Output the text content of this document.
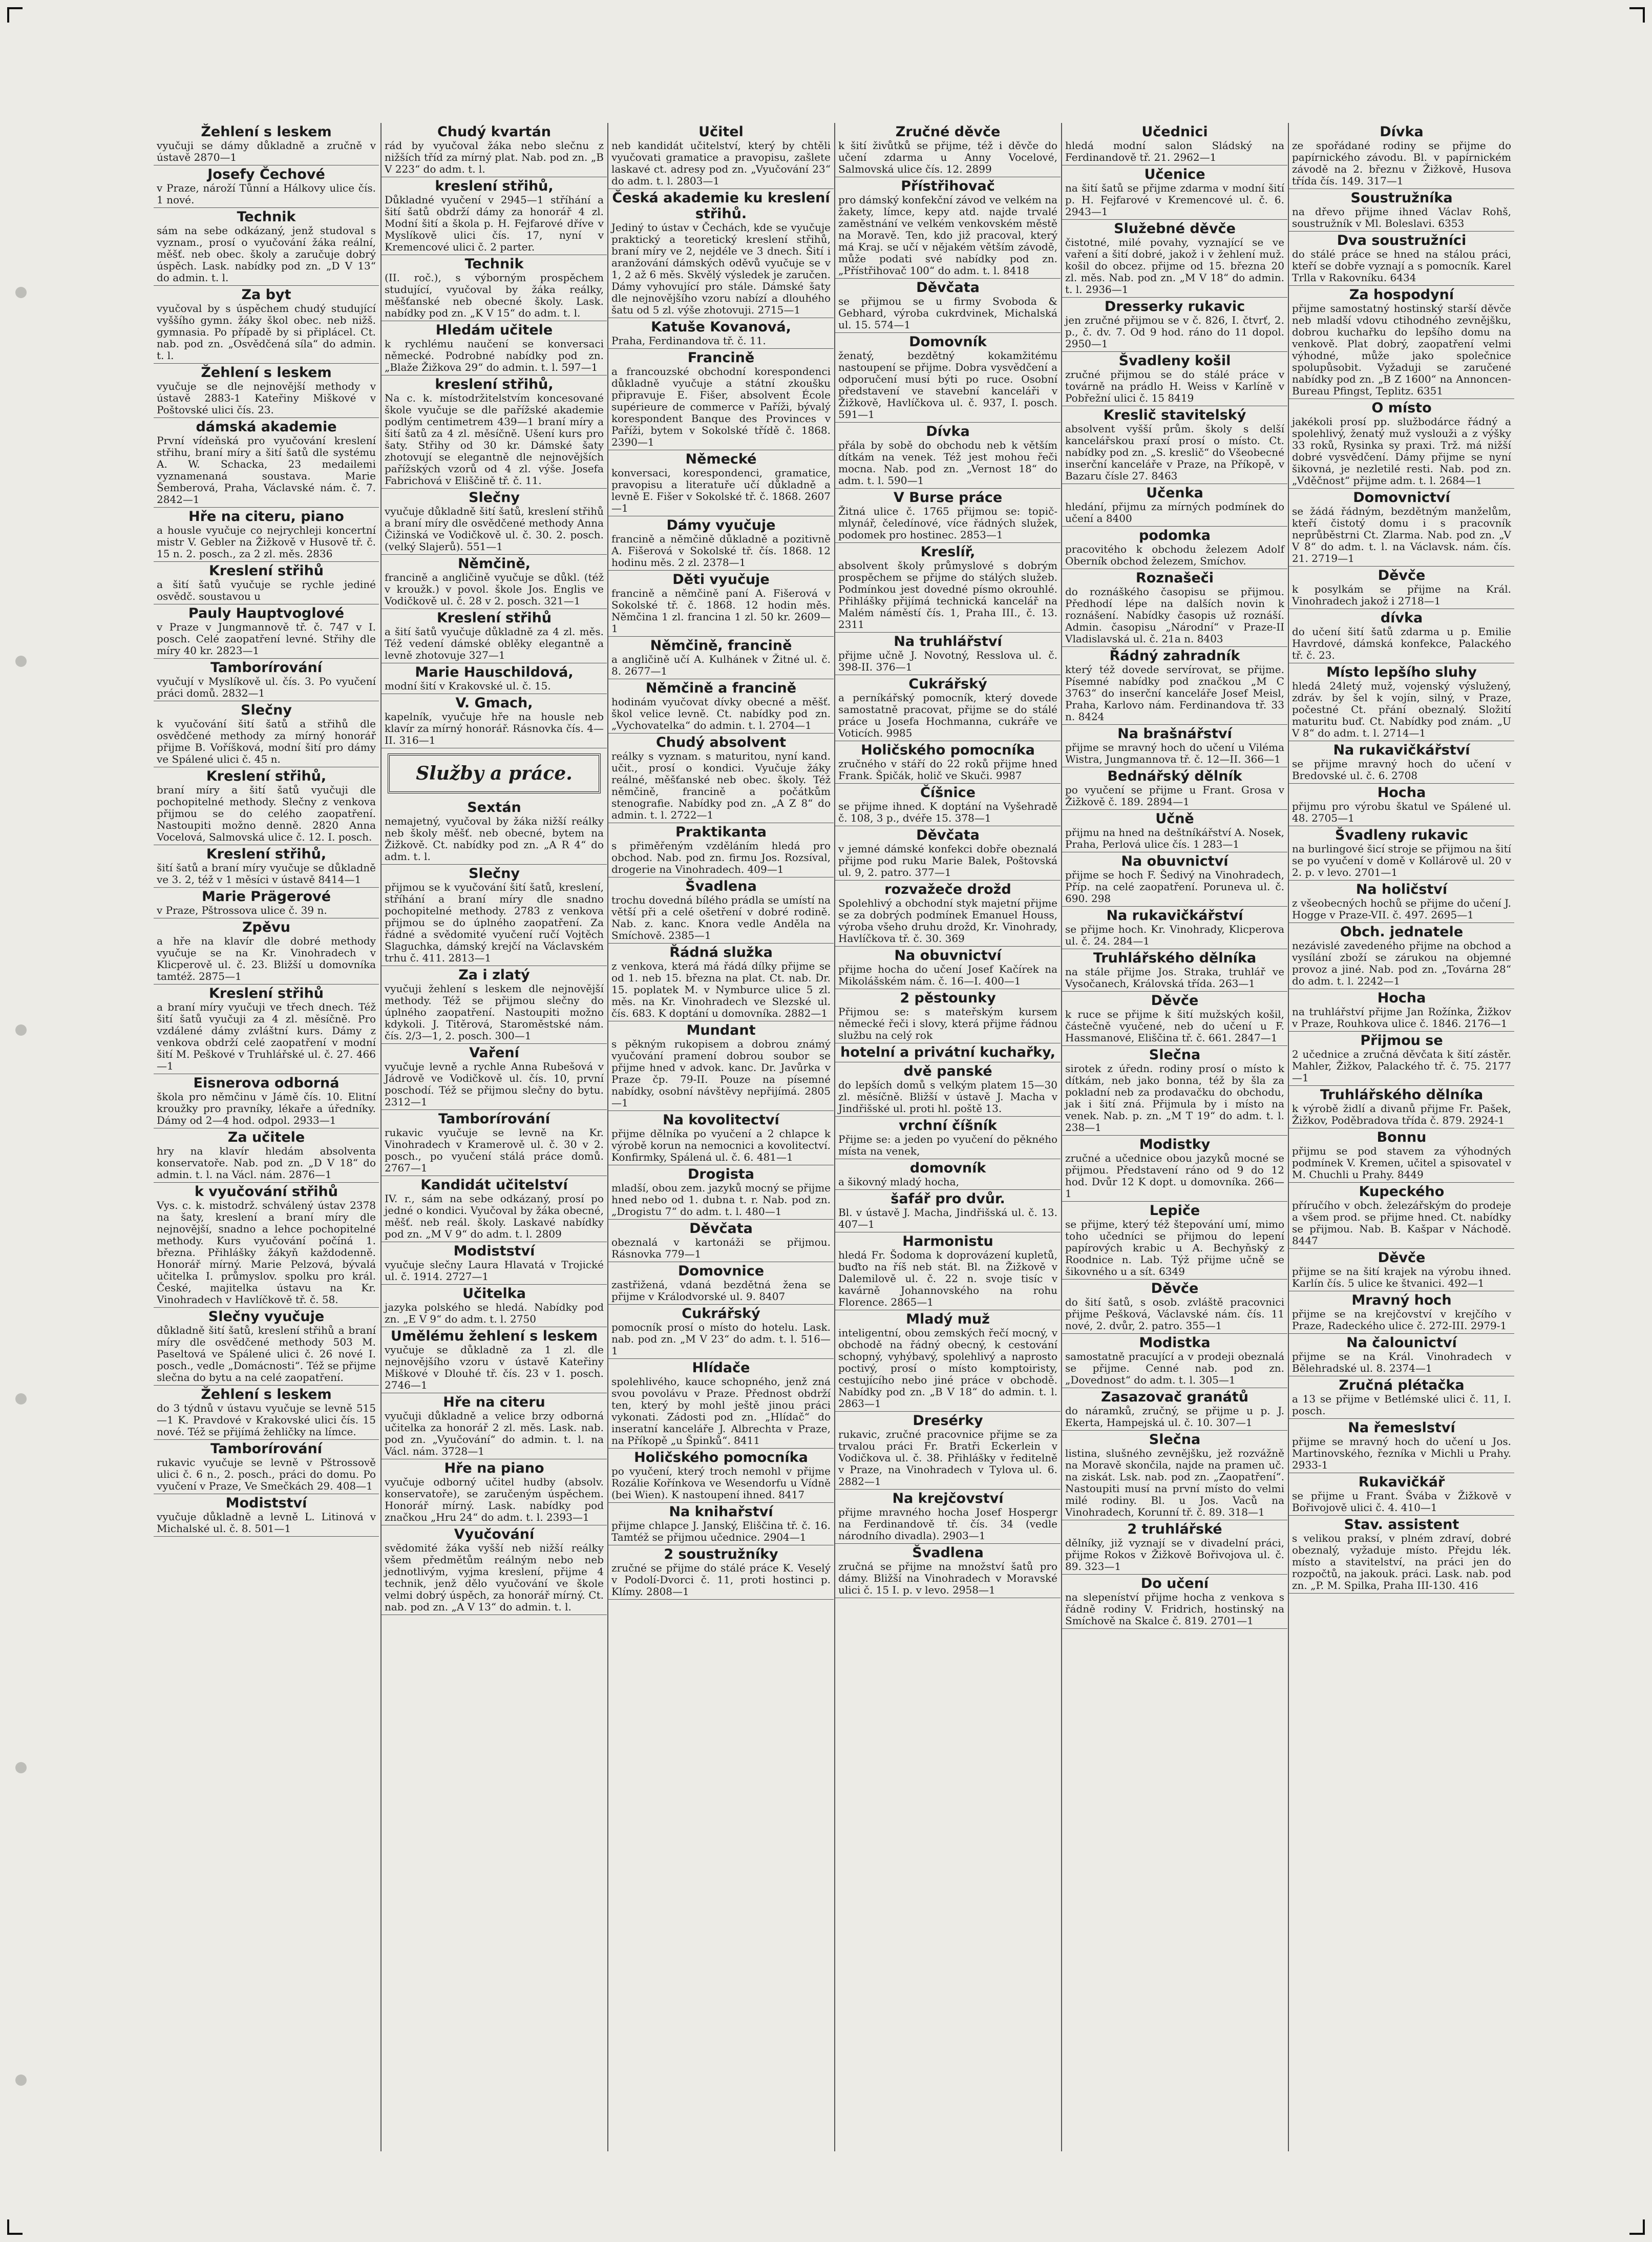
Žehlení s leskem
vyučuji se dámy důkladně a zručně v ústavě 2870—1
Josefy Čechové
v Praze, nároží Tůnní a Hálkovy ulice čís. 1 nové.
Technik
sám na sebe odkázaný, jenž studoval s vyznam., prosí o vyučování žáka reální, měšť. neb obec. školy a zaručuje dobrý úspěch. Lask. nabídky pod zn. „D V 13“ do admin. t. l.
Za byt
vyučoval by s úspěchem chudý studující vyššího gymn. žáky škol obec. neb nižš. gymnasia. Po případě by si připlácel. Ct. nab. pod zn. „Osvědčená síla“ do admin. t. l.
Žehlení s leskem
vyučuje se dle nejnovější methody v ústavě 2883-1 Kateřiny Miškové v Poštovské ulici čís. 23.
dámská akademie
První vídeňská pro vyučování kreslení střihu, braní míry a šití šatů dle systému A. W. Schacka, 23 medailemi vyznamenaná soustava. Marie Šemberová, Praha, Václavské nám. č. 7. 2842—1
Hře na citeru, piano
a housle vyučuje co nejrychleji koncertní mistr V. Gebler na Žižkově v Husově tř. č. 15 n. 2. posch., za 2 zl. měs. 2836
Kreslení střihů
a šití šatů vyučuje se rychle jediné osvědč. soustavou u
Pauly Hauptvoglové
v Praze v Jungmannově tř. č. 747 v I. posch. Celé zaopatření levné. Střihy dle míry 40 kr. 2823—1
Tamborírování
vyučují v Myslíkově ul. čís. 3. Po vyučení práci domů. 2832—1
Slečny
k vyučování šití šatů a střihů dle osvědčené methody za mírný honorář přijme B. Voříšková, modní šití pro dámy ve Spálené ulici č. 45 n.
Kreslení střihů,
braní míry a šití šatů vyučuji dle pochopitelné methody. Slečny z venkova přijmou se do celého zaopatření. Nastoupiti možno denně. 2820 Anna Vocelová, Salmovská ulice č. 12. I. posch.
Kreslení střihů,
šití šatů a braní míry vyučuje se důkladně ve 3. 2, též v 1 měsíci v ústavě 8414—1
Marie Prägerové
v Praze, Pštrossova ulice č. 39 n.
Zpěvu
a hře na klavír dle dobré methody vyučuje se na Kr. Vinohradech v Klicperově ul. č. 23. Bližší u domovníka tamtéž. 2875—1
Kreslení střihů
a braní míry vyučuji ve třech dnech. Též šití šatů vyučuji za 4 zl. měsíčně. Pro vzdálené dámy zvláštní kurs. Dámy z venkova obdrží celé zaopatření v modní šití M. Peškové v Truhlářské ul. č. 27. 466—1
Eisnerova odborná
škola pro němčinu v Jámě čís. 10. Elitní kroužky pro pravníky, lékaře a úředníky. Dámy od 2—4 hod. odpol. 2933—1
Za učitele
hry na klavír hledám absolventa konservatoře. Nab. pod zn. „D V 18“ do admin. t. l. na Václ. nám. 2876—1
k vyučování střihů
Vys. c. k. mistodrž. schválený ústav 2378 na šaty, kreslení a braní míry dle nejnovější, snadno a lehce pochopitelné methody. Kurs vyučování počíná 1. března. Přihlášky žákyň každodenně. Honorář mírný. Marie Pelzová, bývalá učitelka I. průmyslov. spolku pro král. České, majitelka ústavu na Kr. Vinohradech v Havlíčkově tř. č. 58.
Slečny vyučuje
důkladně šití šatů, kreslení střihů a braní míry dle osvědčené methody 503 M. Paseltová ve Spálené ulici č. 26 nové I. posch., vedle „Domácnosti“. Též se přijme slečna do bytu a na celé zaopatření.
Žehlení s leskem
do 3 týdnů v ústavu vyučuje se levně 515—1 K. Pravdové v Krakovské ulici čís. 15 nové. Též se přijímá žehličky na límce.
Tamborírování
rukavic vyučuje se levně v Pštrossově ulici č. 6 n., 2. posch., práci do domu. Po vyučení v Praze, Ve Smečkách 29. 408—1
Modistství
vyučuje důkladně a levně L. Litinová v Michalské ul. č. 8. 501—1
Chudý kvartán
rád by vyučoval žáka nebo slečnu z nižších tříd za mírný plat. Nab. pod zn. „B V 223“ do adm. t. l.
kreslení střihů,
Důkladné vyučení v 2945—1 stříhání a šití šatů obdrží dámy za honorář 4 zl. Modní šití a škola p. H. Fejfarové dříve v Myslíkově ulici čís. 17, nyní v Kremencové ulici č. 2 parter.
Technik
(II. roč.), s výborným prospěchem studující, vyučoval by žáka reálky, měšťanské neb obecné školy. Lask. nabídky pod zn. „K V 15“ do adm. t. l.
Hledám učitele
k rychlému naučení se konversaci německé. Podrobné nabídky pod zn. „Blaže Žižkova 29“ do admin. t. l. 597—1
kreslení střihů,
Na c. k. místodržitelstvím koncesované škole vyučuje se dle pařížské akademie podlým centimetrem 439—1 braní míry a šití šatů za 4 zl. měsíčně. Ušení kurs pro šaty. Střihy od 30 kr. Dámské šaty zhotovují se elegantně dle nejnovějších pařížských vzorů od 4 zl. výše. Josefa Fabrichová v Eliščině tř. č. 11.
Slečny
vyučuje důkladně šití šatů, kreslení střihů a braní míry dle osvědčené methody Anna Čižinská ve Vodičkově ul. č. 30. 2. posch. (velký Slajerů). 551—1
Němčině,
francině a angličině vyučuje se důkl. (též v kroužk.) v povol. škole Jos. Englis ve Vodičkově ul. č. 28 v 2. posch. 321—1
Kreslení střihů
a šití šatů vyučuje důkladně za 4 zl. měs. Též vedení dámské oblěky elegantně a levně zhotovuje 327—1
Marie Hauschildová,
modní šití v Krakovské ul. č. 15.
V. Gmach,
kapelník, vyučuje hře na housle neb klavír za mírný honorář. Rásnovka čís. 4—II. 316—1
Služby a práce.
Sextán
nemajetný, vyučoval by žáka nižší reálky neb školy měšť. neb obecné, bytem na Žižkově. Ct. nabídky pod zn. „A R 4“ do adm. t. l.
Slečny
přijmou se k vyučování šití šatů, kreslení, stříhání a braní míry dle snadno pochopitelné methody. 2783 z venkova přijmou se do úplného zaopatření. Za řádné a svědomité vyučení ručí Vojtěch Slaguchka, dámský krejčí na Václavském trhu č. 411. 2813—1
Za i zlatý
vyučuji žehlení s leskem dle nejnovější methody. Též se přijmou slečny do úplného zaopatření. Nastoupiti možno kdykoli. J. Titěrová, Staroměstské nám. čís. 2/3—1, 2. posch. 300—1
Vaření
vyučuje levně a rychle Anna Rubešová v Jádrově ve Vodičkově ul. čís. 10, první poschodí. Též se přijmou slečny do bytu. 2312—1
Tamborírování
rukavic vyučuje se levně na Kr. Vinohradech v Kramerově ul. č. 30 v 2. posch., po vyučení stálá práce domů. 2767—1
Kandidát učitelství
IV. r., sám na sebe odkázaný, prosí po jedné o kondici. Vyučoval by žáka obecné, měšť. neb reál. školy. Laskavé nabídky pod zn. „M V 9“ do adm. t. l. 2809
Modistství
vyučuje slečny Laura Hlavatá v Trojické ul. č. 1914. 2727—1
Učitelka
jazyka polského se hledá. Nabídky pod zn. „E V 9“ do adm. t. l. 2750
Umělému žehlení s leskem
vyučuje se důkladně za 1 zl. dle nejnovějšího vzoru v ústavě Kateřiny Miškové v Dlouhé tř. čís. 23 v 1. posch. 2746—1
Hře na citeru
vyučuji důkladně a velice brzy odborná učitelka za honorář 2 zl. měs. Lask. nab. pod zn. „Vyučování“ do admin. t. l. na Václ. nám. 3728—1
Hře na piano
vyučuje odborný učitel hudby (absolv. konservatoře), se zaručeným úspěchem. Honorář mírný. Lask. nabídky pod značkou „Hru 24“ do adm. t. l. 2393—1
Vyučování
svědomité žáka vyšší neb nižší reálky všem předmětům reálným nebo neb jednotlivým, vyjma kreslení, přijme 4 technik, jenž dělo vyučování ve škole velmi dobrý úspěch, za honorář mírný. Ct. nab. pod zn. „A V 13“ do admin. t. l.
Učitel
neb kandidát učitelství, který by chtěli vyučovati gramatice a pravopisu, zašlete laskavé ct. adresy pod zn. „Vyučování 23“ do adm. t. l. 2803—1
Česká akademie ku kreslení střihů.
Jediný to ústav v Čechách, kde se vyučuje praktický a teoretický kreslení střihů, braní míry ve 2, nejdéle ve 3 dnech. Šití i aranžování dámských oděvů vyučuje se v 1, 2 až 6 měs. Skvělý výsledek je zaručen. Dámy vyhovující pro stále. Dámské šaty dle nejnovějšího vzoru nabízí a dlouhého šatu od 5 zl. výše zhotovuji. 2715—1
Katuše Kovanová,
Praha, Ferdinandova tř. č. 11.
Francině
a francouzské obchodní korespondenci důkladně vyučuje a státní zkoušku připravuje E. Fišer, absolvent École supérieure de commerce v Paříži, bývalý korespondent Banque des Provinces v Paříži, bytem v Sokolské třídě č. 1868. 2390—1
Německé
konversaci, korespondenci, gramatice, pravopisu a literatuře učí důkladně a levně E. Fišer v Sokolské tř. č. 1868. 2607—1
Dámy vyučuje
francině a němčině důkladně a pozitivně A. Fišerová v Sokolské tř. čís. 1868. 12 hodinu měs. 2 zl. 2378—1
Děti vyučuje
francině a němčině paní A. Fišerová v Sokolské tř. č. 1868. 12 hodin měs. Němčina 1 zl. francina 1 zl. 50 kr. 2609—1
Němčině, francině
a angličině učí A. Kulhánek v Žitné ul. č. 8. 2677—1
Němčině a francině
hodinám vyučovat dívky obecné a měšť. škol velice levně. Ct. nabídky pod zn. „Vychovatelka“ do admin. t. l. 2704—1
Chudý absolvent
reálky s vyznam. s maturitou, nyní kand. učit., prosí o kondici. Vyučuje žáky reálné, měšťanské neb obec. školy. Též němčině, francině a počátkům stenografie. Nabídky pod zn. „A Z 8“ do admin. t. l. 2722—1
Praktikanta
s přiměřeným vzděláním hledá pro obchod. Nab. pod zn. firmu Jos. Rozsíval, drogerie na Vinohradech. 409—1
Švadlena
trochu dovedná bílého prádla se umístí na větší při a celé ošetření v dobré rodině. Nab. z. kanc. Knora vedle Anděla na Smíchově. 2385—1
Řádná služka
z venkova, která má řádá dílky přijme se od 1. neb 15. března na plat. Ct. nab. Dr. 15. poplatek M. v Nymburce ulice 5 zl. měs. na Kr. Vinohradech ve Slezské ul. čís. 683. K doptání u domovníka. 2882—1
Mundant
s pěkným rukopisem a dobrou známý vyučování pramení dobrou soubor se přijme hned v advok. kanc. Dr. Javůrka v Praze čp. 79-II. Pouze na písemné nabídky, osobní návštěvy nepřijímá. 2805—1
Na kovolitectví
přijme dělníka po vyučení a 2 chlapce k výrobě korun na nemocnici a kovolitectví. Konfirmky, Spálená ul. č. 6. 481—1
Drogista
mladší, obou zem. jazyků mocný se přijme hned nebo od 1. dubna t. r. Nab. pod zn. „Drogistu 7“ do adm. t. l. 480—1
Děvčata
obeznalá v kartonáži se přijmou. Rásnovka 779—1
Domovnice
zastřižená, vdaná bezdětná žena se přijme v Králodvorské ul. 9. 8407
Cukrářský
pomocník prosí o místo do hotelu. Lask. nab. pod zn. „M V 23“ do adm. t. l. 516—1
Hlídače
spolehlivého, kauce schopného, jenž zná svou povolávu v Praze. Přednost obdrží ten, který by mohl ještě jinou práci vykonati. Zádosti pod zn. „Hlídač“ do inseratní kanceláře J. Albrechta v Praze, na Příkopě „u Špinků“. 8411
Holičského pomocníka
po vyučení, který troch nemohl v přijme Rozálie Kořínkova ve Wesendorfu u Vídně (bei Wien). K nastoupení ihned. 8417
Na knihařství
přijme chlapce J. Janský, Eliščina tř. č. 16. Tamtéž se přijmou učednice. 2904—1
2 soustružníky
zručné se přijme do stálé práce K. Veselý v Podolí-Dvorci č. 11, proti hostinci p. Klímy. 2808—1
Zručné děvče
k šití živůtků se přijme, též i děvče do učení zdarma u Anny Vocelové, Salmovská ulice čís. 12. 2899
Přístřihovač
pro dámský konfekční závod ve velkém na žakety, límce, kepy atd. najde trvalé zaměstnání ve velkém venkovském městě na Moravě. Ten, kdo již pracoval, který má Kraj. se učí v nějakém větším závodě, může podati své nabídky pod zn. „Přístřihovač 100“ do adm. t. l. 8418
Děvčata
se přijmou se u firmy Svoboda & Gebhard, výroba cukrdvinek, Michalská ul. 15. 574—1
Domovník
ženatý, bezdětný kokamžitému nastoupení se přijme. Dobra vysvědčení a odporučení musí býti po ruce. Osobní představení ve stavební kanceláři v Žižkově, Havlíčkova ul. č. 937, I. posch. 591—1
Dívka
přála by sobě do obchodu neb k větším dítkám na venek. Též jest mohou řeči mocna. Nab. pod zn. „Vernost 18“ do adm. t. l. 590—1
V Burse práce
Žitná ulice č. 1765 přijmou se: topič-mlynář, čeledínové, více řádných služek, podomek pro hostinec. 2853—1
Kreslíř,
absolvent školy průmyslové s dobrým prospěchem se přijme do stálých služeb. Podmínkou jest dovedné písmo okrouhlé. Přihlášky přijímá technická kancelář na Malém náměstí čís. 1, Praha III., č. 13. 2311
Na truhlářství
přijme učně J. Novotný, Resslova ul. č. 398-II. 376—1
Cukrářský
a perníkářský pomocník, který dovede samostatně pracovat, přijme se do stálé práce u Josefa Hochmanna, cukráře ve Voticích. 9985
Holičského pomocníka
zručného v stáří do 22 roků přijme hned Frank. Špičák, holič ve Skuči. 9987
Číšnice
se přijme ihned. K doptání na Vyšehradě č. 108, 3 p., dvéře 15. 378—1
Děvčata
v jemné dámské konfekci dobře obeznalá přijme pod ruku Marie Balek, Poštovská ul. 9, 2. patro. 377—1
rozvažeče drožd
Spolehlivý a obchodní styk majetní přijme se za dobrých podmínek Emanuel Houss, výroba všeho druhu drožd, Kr. Vinohrady, Havlíčkova tř. č. 30. 369
Na obuvnictví
přijme hocha do učení Josef Kačírek na Mikolášském nám. č. 16—I. 400—1
2 pěstounky
Přijmou se: s mateřským kursem německé řeči i slovy, která přijme řádnou službu na celý rok
hotelní a privátní kuchařky,
dvě panské
do lepších domů s velkým platem 15—30 zl. měsíčně. Bližší v ústavě J. Macha v Jindřišské ul. proti hl. poště 13.
vrchní číšník
Přijme se: a jeden po vyučení do pěkného místa na venek,
domovník
a šikovný mladý hocha,
šafář pro dvůr.
Bl. v ústavě J. Macha, Jindřišská ul. č. 13. 407—1
Harmonistu
hledá Fr. Šodoma k doprovázení kupletů, buďto na říš neb stát. Bl. na Žižkově v Dalemilově ul. č. 22 n. svoje tisíc v kavárně Johannovského na rohu Florence. 2865—1
Mladý muž
inteligentní, obou zemských řečí mocný, v obchodě na řádný obecný, k cestování schopný, vyhýbavý, spolehlivý a naprosto poctivý, prosí o místo komptoiristy, cestujícího nebo jiné práce v obchodě. Nabídky pod zn. „B V 18“ do admin. t. l. 2863—1
Dresérky
rukavic, zručné pracovnice přijme se za trvalou práci Fr. Bratři Eckerlein v Vodičkova ul. č. 38. Přihlášky v ředitelně v Praze, na Vinohradech v Tylova ul. 6. 2882—1
Na krejčovství
přijme mravného hocha Josef Hospergr na Ferdinandově tř. čís. 34 (vedle národního divadla). 2903—1
Švadlena
zručná se přijme na množství šatů pro dámy. Bližší na Vinohradech v Moravské ulici č. 15 I. p. v levo. 2958—1
Učednici
hledá modní salon Sládský na Ferdinandově tř. 21. 2962—1
Učenice
na šití šatů se přijme zdarma v modní šití p. H. Fejfarové v Kremencové ul. č. 6. 2943—1
Služebné děvče
čistotné, milé povahy, vyznající se ve vaření a šití dobré, jakož i v žehlení muž. košil do obcez. přijme od 15. března 20 zl. měs. Nab. pod zn. „M V 18“ do admin. t. l. 2936—1
Dresserky rukavic
jen zručné přijmou se v č. 826, I. čtvrť, 2. p., č. dv. 7. Od 9 hod. ráno do 11 dopol. 2950—1
Švadleny košil
zručné přijmou se do stálé práce v továrně na prádlo H. Weiss v Karlíně v Pobřežní ulici č. 15 8419
Kreslič stavitelský
absolvent vyšší prům. školy s delší kancelářskou praxí prosí o místo. Ct. nabídky pod zn. „S. kreslič“ do Všeobecné inserční kanceláře v Praze, na Příkopě, v Bazaru čísle 27. 8463
Učenka
hledání, přijmu za mírných podmínek do učení a 8400
podomka
pracovitého k obchodu železem Adolf Oberník obchod železem, Smíchov.
Roznašeči
do roznáškého časopisu se přijmou. Předhodí lépe na dalších novin k roznášení. Nabídky časopis už roznáší. Admin. časopisu „Národní“ v Praze-II Vladislavská ul. č. 21a n. 8403
Řádný zahradník
který též dovede servírovat, se přijme. Písemné nabídky pod značkou „M C 3763“ do inserční kanceláře Josef Meisl, Praha, Karlovo nám. Ferdinandova tř. 33 n. 8424
Na brašnářství
přijme se mravný hoch do učení u Viléma Wistra, Jungmannova tř. č. 12—II. 366—1
Bednářský dělník
po vyučení se přijme u Frant. Grosa v Žižkově č. 189. 2894—1
Učně
přijmu na hned na deštníkářství A. Nosek, Praha, Perlová ulice čís. 1 283—1
Na obuvnictví
přijme se hoch F. Šedivý na Vinohradech, Příp. na celé zaopatření. Poruneva ul. č. 690. 298
Na rukavičkářství
se přijme hoch. Kr. Vinohrady, Klicperova ul. č. 24. 284—1
Truhlářského dělníka
na stále přijme Jos. Straka, truhlář ve Vysočanech, Královská třída. 263—1
Děvče
k ruce se přijme k šití mužských košil, částečně vyučené, neb do učení u F. Hassmanové, Eliščina tř. č. 661. 2847—1
Slečna
sirotek z úředn. rodiny prosí o místo k dítkám, neb jako bonna, též by šla za pokladní neb za prodavačku do obchodu, jak i šití zná. Přijmula by i místo na venek. Nab. p. zn. „M T 19“ do adm. t. l. 238—1
Modistky
zručné a učednice obou jazyků mocné se přijmou. Představení ráno od 9 do 12 hod. Dvůr 12 K dopt. u domovníka. 266—1
Lepiče
se přijme, který též štepování umí, mimo toho učedníci se přijmou do lepení papírových krabic u A. Bechyňský z Roodnice n. Lab. Týž přijme učně se šikovného u a sít. 6349
Děvče
do šití šatů, s osob. zvláště pracovnici přijme Pešková, Václavské nám. čís. 11 nové, 2. dvůr, 2. patro. 355—1
Modistka
samostatně pracující a v prodeji obeznalá se přijme. Cenné nab. pod zn. „Dovednost“ do adm. t. l. 305—1
Zasazovač granátů
do náramků, zručný, se přijme u p. J. Ekerta, Hampejská ul. č. 10. 307—1
Slečna
listina, slušného zevnějšku, jež rozvážně na Moravě skončila, najde na pramen uč. na ziskát. Lsk. nab. pod zn. „Zaopatření“. Nastoupiti musí na první místo do velmi milé rodiny. Bl. u Jos. Vaců na Vinohradech, Korunní tř. č. 89. 318—1
2 truhlářské
dělníky, již vyznají se v divadelní práci, přijme Rokos v Žižkově Bořivojova ul. č. 89. 323—1
Do učení
na slepeníství přijme hocha z venkova s řádně rodiny V. Fridrich, hostinský na Smíchově na Skalce č. 819. 2701—1
Dívka
ze spořádané rodiny se přijme do papírnického závodu. Bl. v papírnickém závodě na 2. březnu v Žižkově, Husova třída čís. 149. 317—1
Soustružníka
na dřevo přijme ihned Václav Rohš, soustružník v Ml. Boleslavi. 6353
Dva soustružníci
do stálé práce se hned na stálou práci, kteří se dobře vyznají a s pomocník. Karel Trlla v Rakovníku. 6434
Za hospodyní
přijme samostatný hostinský starší děvče neb mladší vdovu ctihodného zevnějšku, dobrou kuchařku do lepšího domu na venkově. Plat dobrý, zaopatření velmi výhodné, může jako společnice spolupůsobit. Vyžaduji se zaručené nabídky pod zn. „B Z 1600“ na Annoncen-Bureau Pfingst, Teplitz. 6351
O místo
jakékoli prosí pp. službodárce řádný a spolehlivý, ženatý muž vyslouži a z výšky 33 roků, Rysinka sy praxi. Trž. má nižší dobré vysvědčení. Dámy přijme se nyní šikovná, je nezletilé resti. Nab. pod zn. „Vděčnost“ přijme adm. t. l. 2684—1
Domovnictví
se žádá řádným, bezdětným manželům, kteří čistotý domu i s pracovník neprůběstrni Ct. Zlarma. Nab. pod zn. „V V 8“ do adm. t. l. na Václavsk. nám. čís. 21. 2719—1
Děvče
k posylkám se přijme na Král. Vinohradech jakož i 2718—1
dívka
do učení šití šatů zdarma u p. Emilie Havrdové, dámská konfekce, Palackého tř. č. 23.
Místo lepšího sluhy
hledá 24letý muž, vojenský výslužený, zdráv. by šel k vojín, silný, v Praze, počestné Ct. přání obeznalý. Složití maturitu buď. Ct. Nabídky pod znám. „U V 8“ do adm. t. l. 2714—1
Na rukavičkářství
se přijme mravný hoch do učení v Bredovské ul. č. 6. 2708
Hocha
přijmu pro výrobu škatul ve Spálené ul. 48. 2705—1
Švadleny rukavic
na burlingové šicí stroje se přijmou na šití se po vyučení v domě v Kollárově ul. 20 v 2. p. v levo. 2701—1
Na holičství
z všeobecných hochů se přijme do učení J. Hogge v Praze-VII. č. 497. 2695—1
Obch. jednatele
nezávislé zavedeného přijme na obchod a vysílání zboží se zárukou na objemné provoz a jiné. Nab. pod zn. „Továrna 28“ do adm. t. l. 2242—1
Hocha
na truhlářství přijme Jan Rožínka, Žižkov v Praze, Rouhkova ulice č. 1846. 2176—1
Přijmou se
2 učednice a zručná děvčata k šití zástěr. Mahler, Žižkov, Palackého tř. č. 75. 2177—1
Truhlářského dělníka
k výrobě židlí a divanů přijme Fr. Pašek, Žižkov, Poděbradova třída č. 879. 2924-1
Bonnu
přijmu se pod stavem za výhodných podmínek V. Kremen, učitel a spisovatel v M. Chuchli u Prahy. 8449
Kupeckého
příručího v obch. železářským do prodeje a všem prod. se přijme hned. Ct. nabídky se přijmou. Nab. B. Kašpar v Náchodě. 8447
Děvče
přijme se na šití krajek na výrobu ihned. Karlín čís. 5 ulice ke štvanici. 492—1
Mravný hoch
přijme se na krejčovství v krejčího v Praze, Radeckého ulice č. 272-III. 2979-1
Na čalounictví
přijme se na Král. Vinohradech v Bělehradské ul. 8. 2374—1
Zručná plétačka
a 13 se přijme v Betlémské ulici č. 11, I. posch.
Na řemeslství
přijme se mravný hoch do učení u Jos. Martinovského, řezníka v Michli u Prahy. 2933-1
Rukavičkář
se přijme u Frant. Švába v Žižkově v Bořivojově ulici č. 4. 410—1
Stav. assistent
s velikou praksí, v plném zdraví, dobré obeznalý, vyžaduje místo. Přejdu lék. místo a stavitelství, na práci jen do rozpočtů, na jakouk. práci. Lask. nab. pod zn. „P. M. Spilka, Praha III-130. 416
